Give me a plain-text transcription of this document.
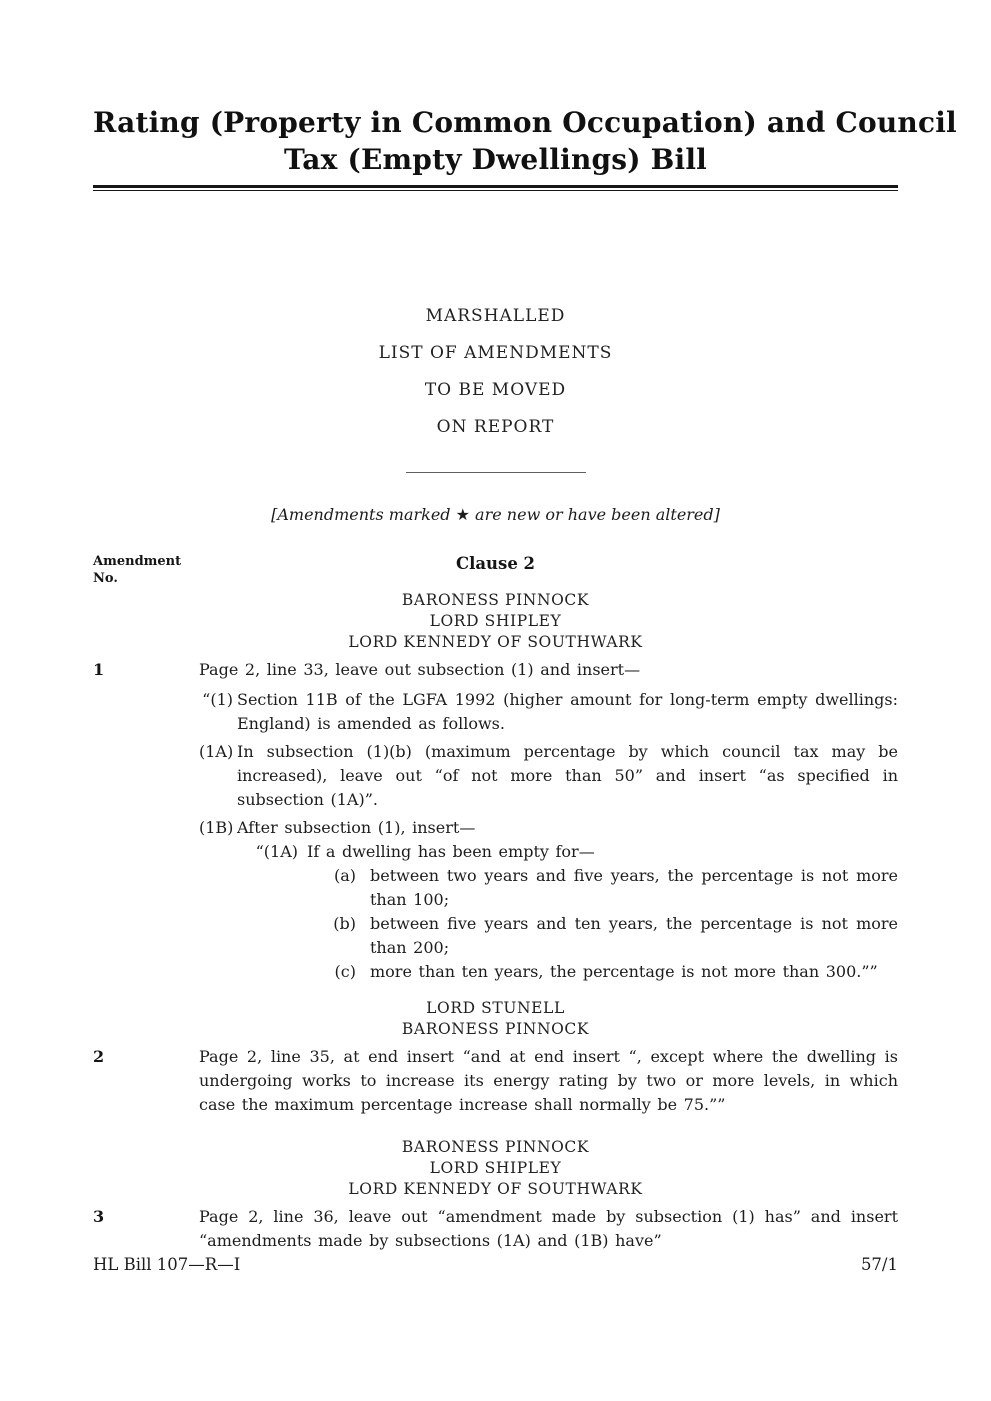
Rating (Property in Common Occupation) and Council
Tax (Empty Dwellings) Bill
MARSHALLED
LIST OF AMENDMENTS
TO BE MOVED
ON REPORT
[Amendments marked ★ are new or have been altered]
Amendment
No.
Clause 2
BARONESS PINNOCK
LORD SHIPLEY
LORD KENNEDY OF SOUTHWARK
1	Page 2, line 33, leave out subsection (1) and insert—

“(1) Section 11B of the LGFA 1992 (higher amount for long-term empty dwellings: England) is amended as follows.
(1A) In subsection (1)(b) (maximum percentage by which council tax may be increased), leave out “of not more than 50” and insert “as specified in subsection (1A)”.
(1B) After subsection (1), insert—
“(1A) If a dwelling has been empty for—
(a) between two years and five years, the percentage is not more than 100;
(b) between five years and ten years, the percentage is not more than 200;
(c) more than ten years, the percentage is not more than 300.””
LORD STUNELL
BARONESS PINNOCK
2	Page 2, line 35, at end insert “and at end insert “, except where the dwelling is undergoing works to increase its energy rating by two or more levels, in which case the maximum percentage increase shall normally be 75.””

BARONESS PINNOCK
LORD SHIPLEY
LORD KENNEDY OF SOUTHWARK
3	Page 2, line 36, leave out “amendment made by subsection (1) has” and insert “amendments made by subsections (1A) and (1B) have”

HL Bill 107—R—I	57/1
